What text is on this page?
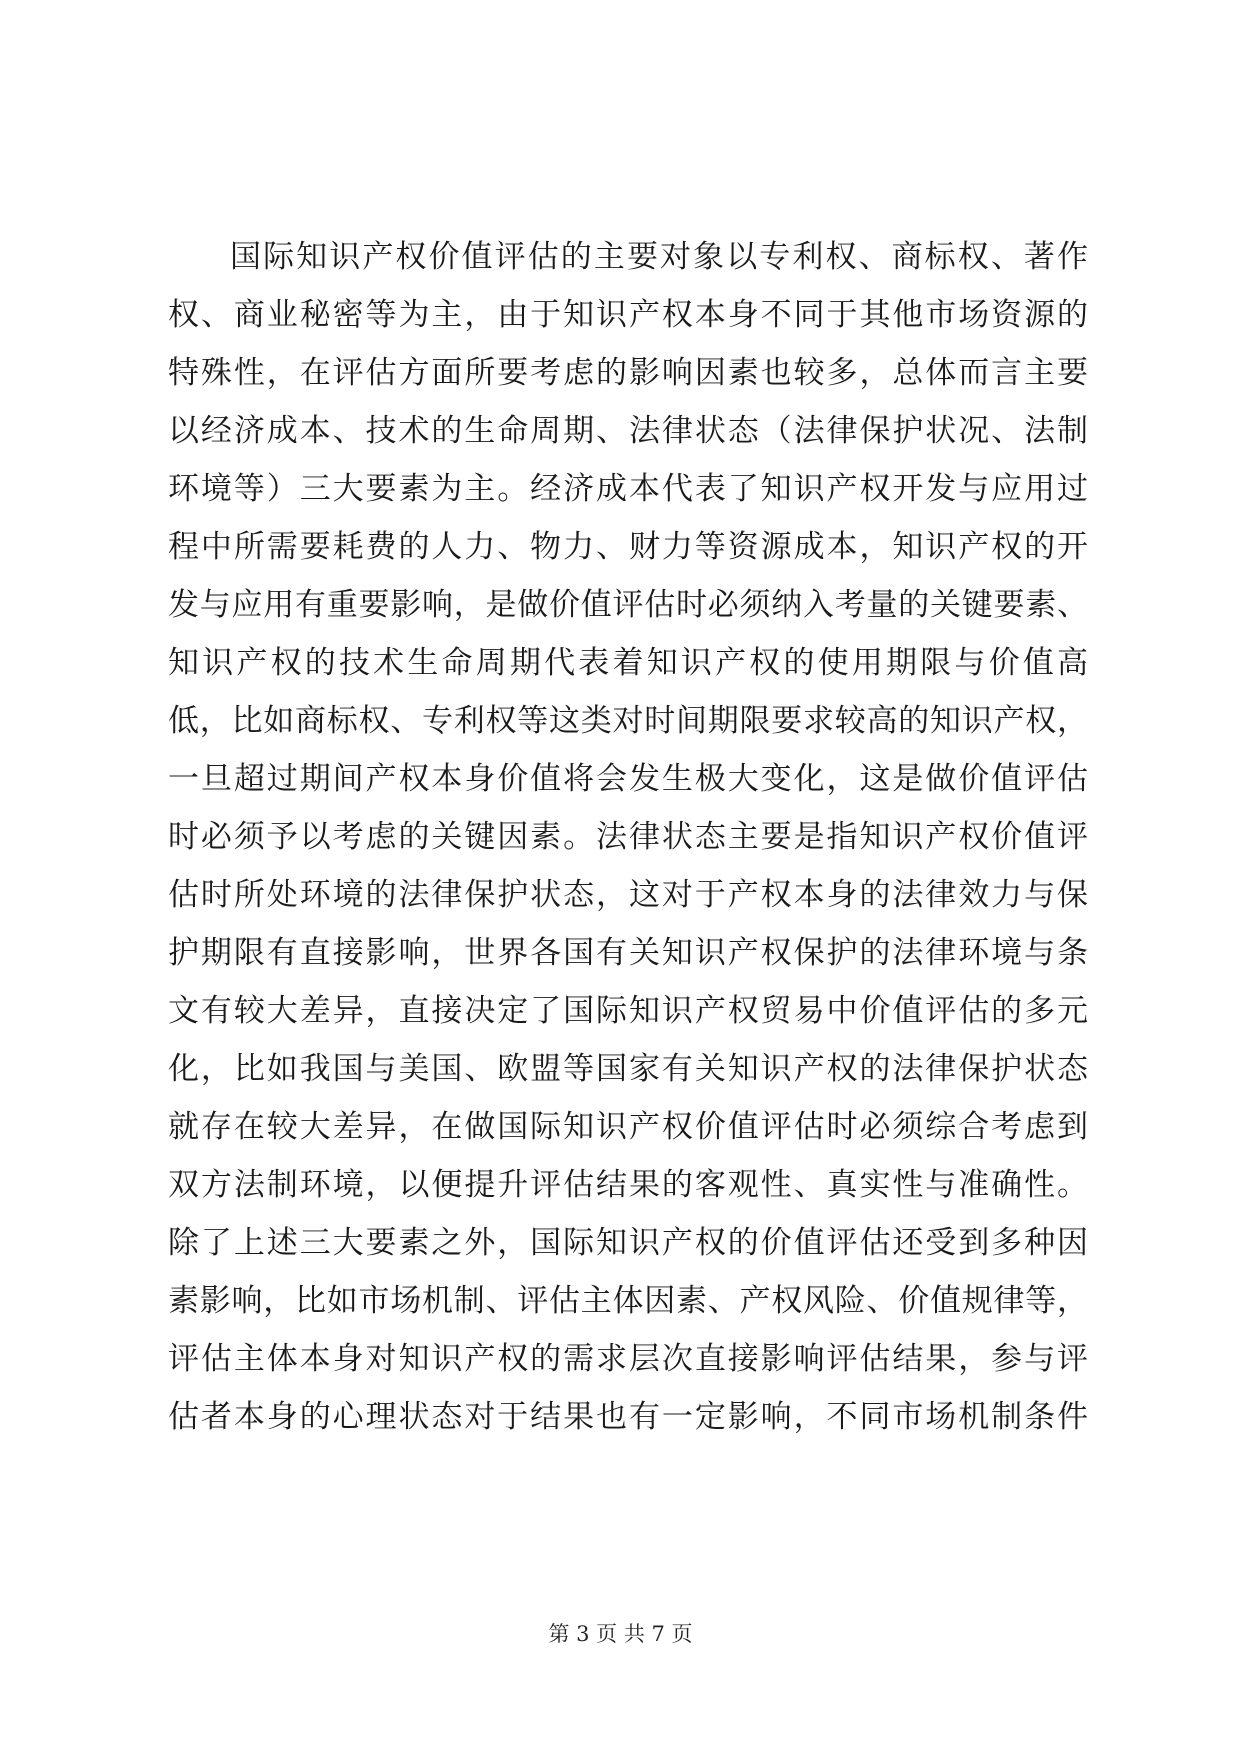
国际知识产权价值评估的主要对象以专利权、商标权、著作
权、商业秘密等为主，由于知识产权本身不同于其他市场资源的
特殊性，在评估方面所要考虑的影响因素也较多，总体而言主要
以经济成本、技术的生命周期、法律状态（法律保护状况、法制
环境等）三大要素为主。经济成本代表了知识产权开发与应用过
程中所需要耗费的人力、物力、财力等资源成本，知识产权的开
发与应用有重要影响，是做价值评估时必须纳入考量的关键要素、
知识产权的技术生命周期代表着知识产权的使用期限与价值高
低，比如商标权、专利权等这类对时间期限要求较高的知识产权，
一旦超过期间产权本身价值将会发生极大变化，这是做价值评估
时必须予以考虑的关键因素。法律状态主要是指知识产权价值评
估时所处环境的法律保护状态，这对于产权本身的法律效力与保
护期限有直接影响，世界各国有关知识产权保护的法律环境与条
文有较大差异，直接决定了国际知识产权贸易中价值评估的多元
化，比如我国与美国、欧盟等国家有关知识产权的法律保护状态
就存在较大差异，在做国际知识产权价值评估时必须综合考虑到
双方法制环境，以便提升评估结果的客观性、真实性与准确性。
除了上述三大要素之外，国际知识产权的价值评估还受到多种因
素影响，比如市场机制、评估主体因素、产权风险、价值规律等，
评估主体本身对知识产权的需求层次直接影响评估结果，参与评
估者本身的心理状态对于结果也有一定影响，不同市场机制条件
第 3 页 共 7 页
